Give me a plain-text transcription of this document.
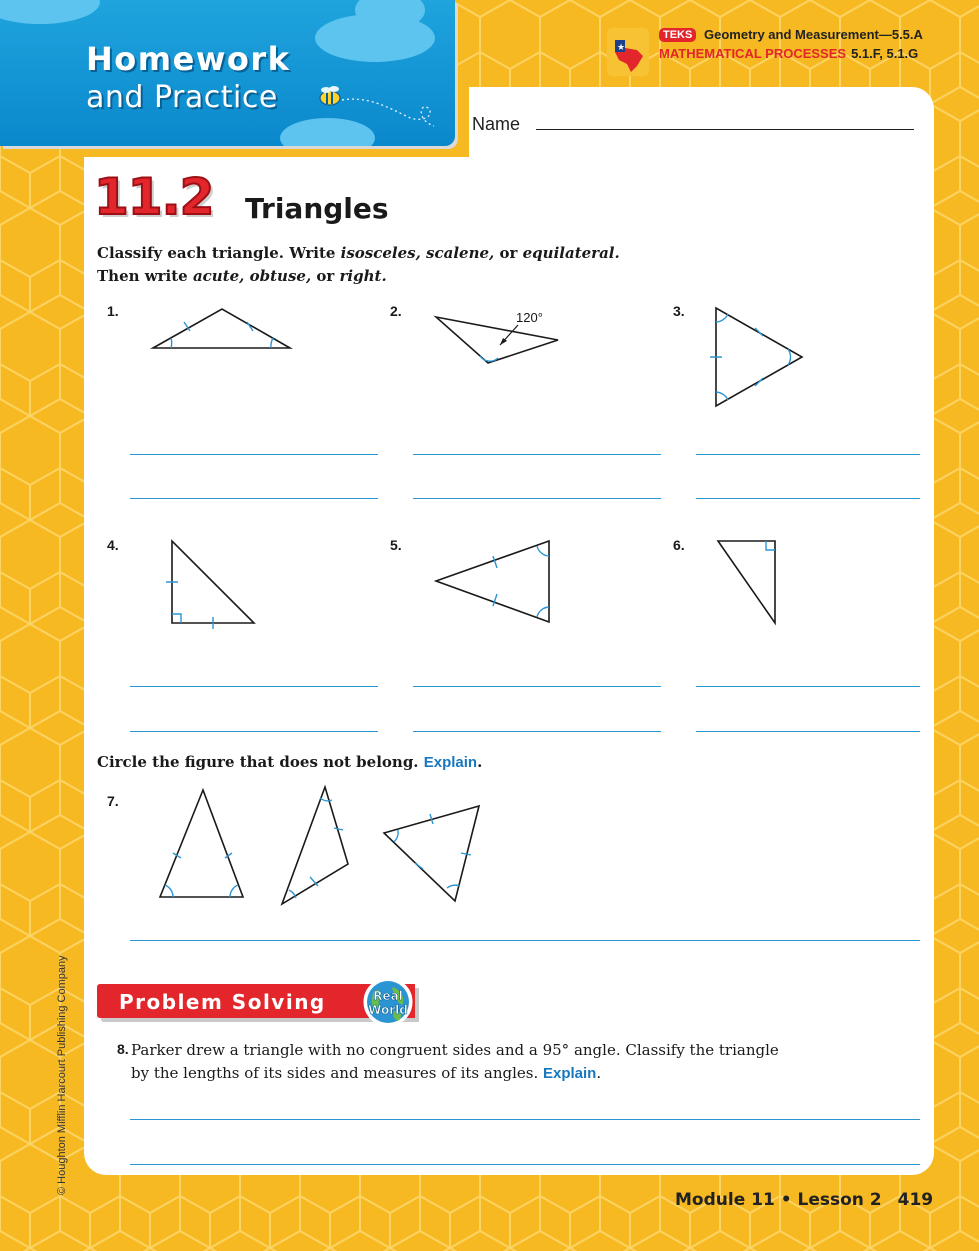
Homework
and Practice
★
TEKS Geometry and Measurement—5.5.A
MATHEMATICAL PROCESSES 5.1.F, 5.1.G
Name
11.2 Triangles
Classify each triangle. Write isosceles, scalene, or equilateral.
Then write acute, obtuse, or right.
1.	2.	3.
4.	5.	6.
7.
120°
Circle the figure that does not belong. Explain.
Problem Solving	Real
World
8. Parker drew a triangle with no congruent sides and a 95° angle. Classify the triangle
by the lengths of its sides and measures of its angles. Explain.
© Houghton Mifflin Harcourt Publishing Company
Module 11 • Lesson 2 419
